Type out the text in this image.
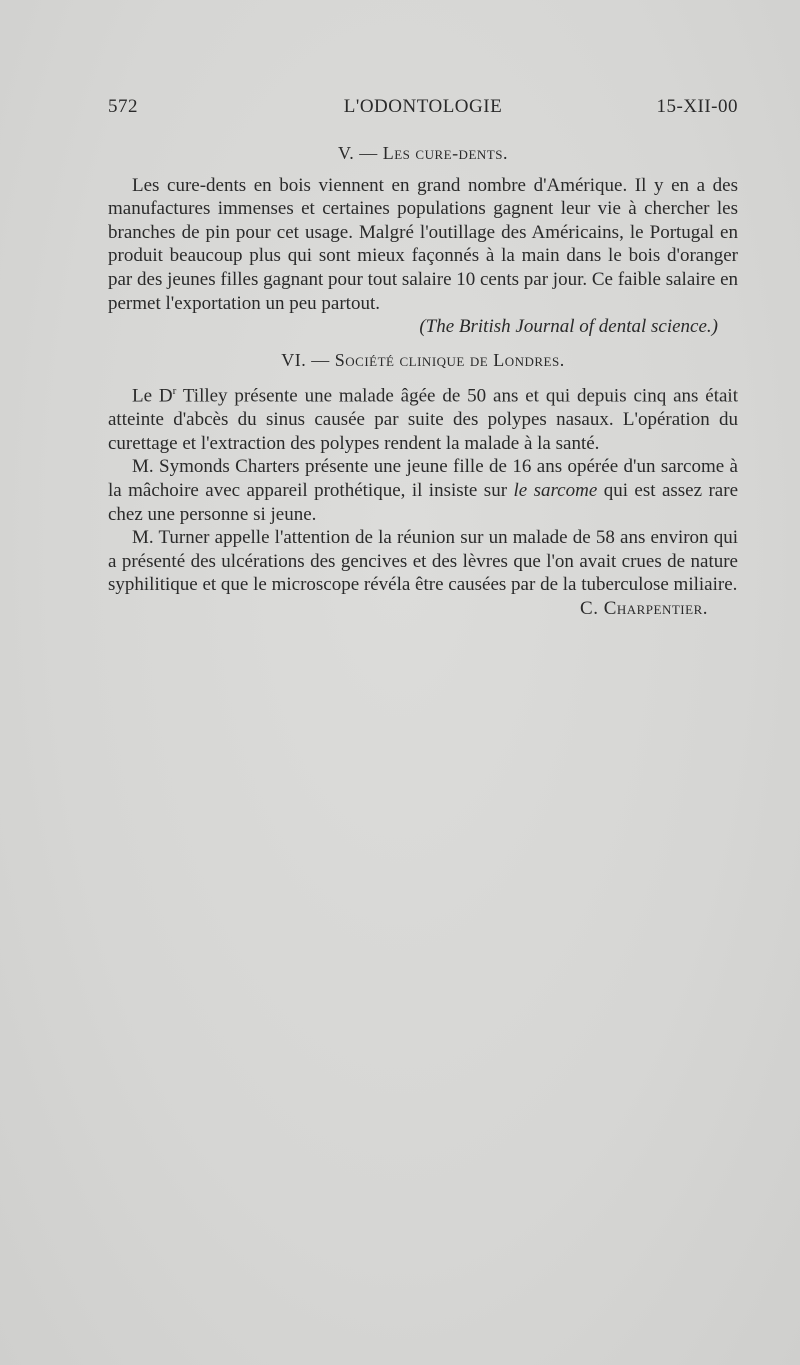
572	L'ODONTOLOGIE	15-XII-00
V. — Les cure-dents.

Les cure-dents en bois viennent en grand nombre d'Amérique. Il y en a des manufactures immenses et certaines populations gagnent leur vie à chercher les branches de pin pour cet usage. Malgré l'outillage des Américains, le Portugal en produit beaucoup plus qui sont mieux façonnés à la main dans le bois d'oranger par des jeunes filles gagnant pour tout salaire 10 cents par jour. Ce faible salaire en permet l'exportation un peu partout.

(The British Journal of dental science.)

VI. — Société clinique de Londres.

Le $D^r$ Tilley présente une malade âgée de 50 ans et qui depuis cinq ans était atteinte d'abcès du sinus causée par suite des polypes nasaux. L'opération du curettage et l'extraction des polypes rendent la malade à la santé.

M. Symonds Charters présente une jeune fille de 16 ans opérée d'un sarcome à la mâchoire avec appareil prothétique, il insiste sur le sarcome qui est assez rare chez une personne si jeune.

M. Turner appelle l'attention de la réunion sur un malade de 58 ans environ qui a présenté des ulcérations des gencives et des lèvres que l'on avait crues de nature syphilitique et que le microscope révéla être causées par de la tuberculose miliaire.

C. Charpentier.
